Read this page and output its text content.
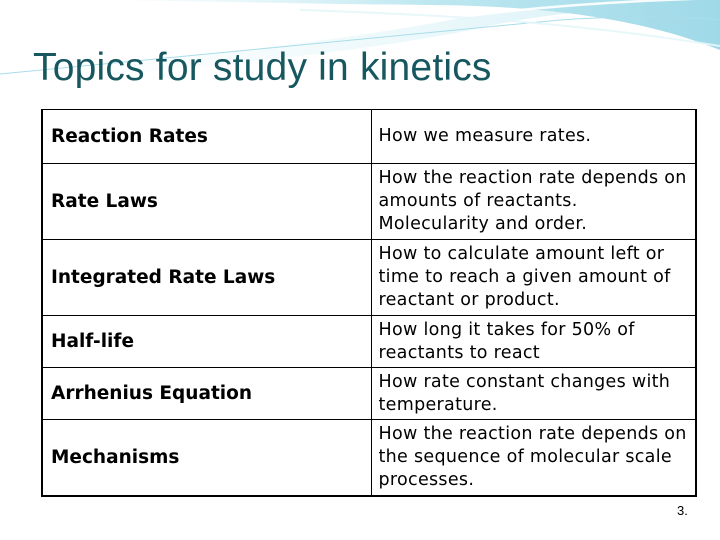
Topics for study in kinetics
Reaction Rates	How we measure rates.
Rate Laws	How the reaction rate depends on amounts of reactants. Molecularity and order.
Integrated Rate Laws	How to calculate amount left or time to reach a given amount of reactant or product.
Half-life	How long it takes for 50% of reactants to react
Arrhenius Equation	How rate constant changes with temperature.
Mechanisms	How the reaction rate depends on the sequence of molecular scale processes.
3.
